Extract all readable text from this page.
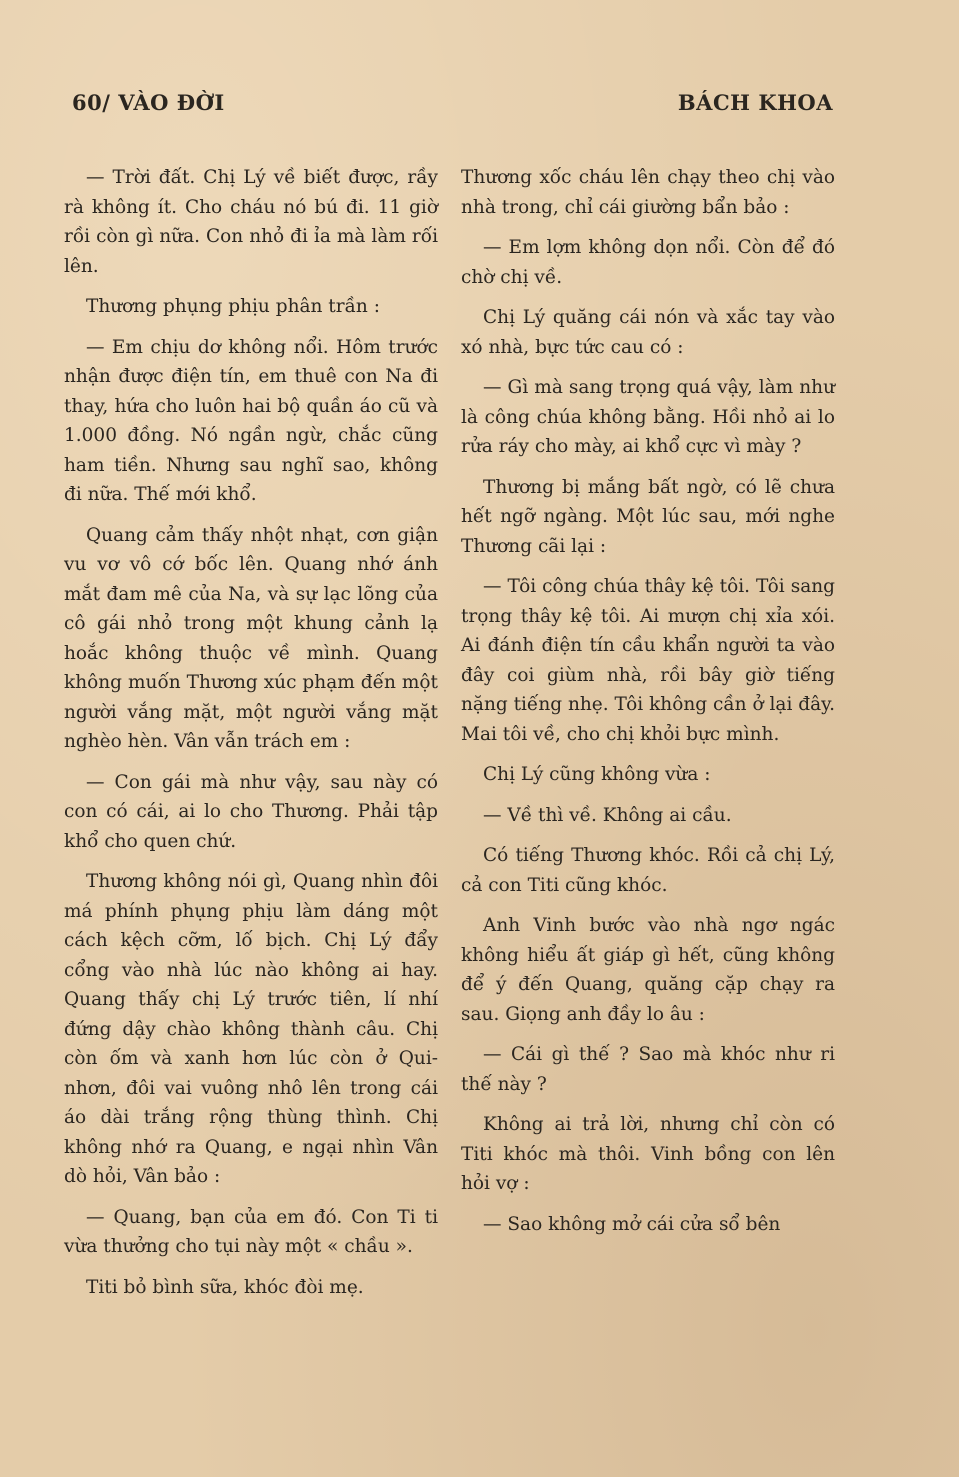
60/ VÀO ĐỜI	BÁCH KHOA

— Trời đất. Chị Lý về biết được, rầy rà không ít. Cho cháu nó bú đi. 11 giờ rồi còn gì nữa. Con nhỏ đi ỉa mà làm rối lên.

Thương phụng phịu phân trần :

— Em chịu dơ không nổi. Hôm trước nhận được điện tín, em thuê con Na đi thay, hứa cho luôn hai bộ quần áo cũ và 1.000 đồng. Nó ngần ngừ, chắc cũng ham tiền. Nhưng sau nghĩ sao, không đi nữa. Thế mới khổ.

Quang cảm thấy nhột nhạt, cơn giận vu vơ vô cớ bốc lên. Quang nhớ ánh mắt đam mê của Na, và sự lạc lõng của cô gái nhỏ trong một khung cảnh lạ hoắc không thuộc về mình. Quang không muốn Thương xúc phạm đến một người vắng mặt, một người vắng mặt nghèo hèn. Vân vẫn trách em :

— Con gái mà như vậy, sau này có con có cái, ai lo cho Thương. Phải tập khổ cho quen chứ.

Thương không nói gì, Quang nhìn đôi má phính phụng phịu làm dáng một cách kệch cỡm, lố bịch. Chị Lý đẩy cổng vào nhà lúc nào không ai hay. Quang thấy chị Lý trước tiên, lí nhí đứng dậy chào không thành câu. Chị còn ốm và xanh hơn lúc còn ở Qui-nhơn, đôi vai vuông nhô lên trong cái áo dài trắng rộng thùng thình. Chị không nhớ ra Quang, e ngại nhìn Vân dò hỏi, Vân bảo :

— Quang, bạn của em đó. Con Ti ti vừa thưởng cho tụi này một « chầu ».

Titi bỏ bình sữa, khóc đòi mẹ.

Thương xốc cháu lên chạy theo chị vào nhà trong, chỉ cái giường bẩn bảo :

— Em lợm không dọn nổi. Còn để đó chờ chị về.

Chị Lý quăng cái nón và xắc tay vào xó nhà, bực tức cau có :

— Gì mà sang trọng quá vậy, làm như là công chúa không bằng. Hồi nhỏ ai lo rửa ráy cho mày, ai khổ cực vì mày ?

Thương bị mắng bất ngờ, có lẽ chưa hết ngỡ ngàng. Một lúc sau, mới nghe Thương cãi lại :

— Tôi công chúa thây kệ tôi. Tôi sang trọng thây kệ tôi. Ai mượn chị xỉa xói. Ai đánh điện tín cầu khẩn người ta vào đây coi giùm nhà, rồi bây giờ tiếng nặng tiếng nhẹ. Tôi không cần ở lại đây. Mai tôi về, cho chị khỏi bực mình.

Chị Lý cũng không vừa :

— Về thì về. Không ai cầu.

Có tiếng Thương khóc. Rồi cả chị Lý, cả con Titi cũng khóc.

Anh Vinh bước vào nhà ngơ ngác không hiểu ất giáp gì hết, cũng không để ý đến Quang, quăng cặp chạy ra sau. Giọng anh đầy lo âu :

— Cái gì thế ? Sao mà khóc như ri thế này ?

Không ai trả lời, nhưng chỉ còn có Titi khóc mà thôi. Vinh bồng con lên hỏi vợ :

— Sao không mở cái cửa sổ bên
